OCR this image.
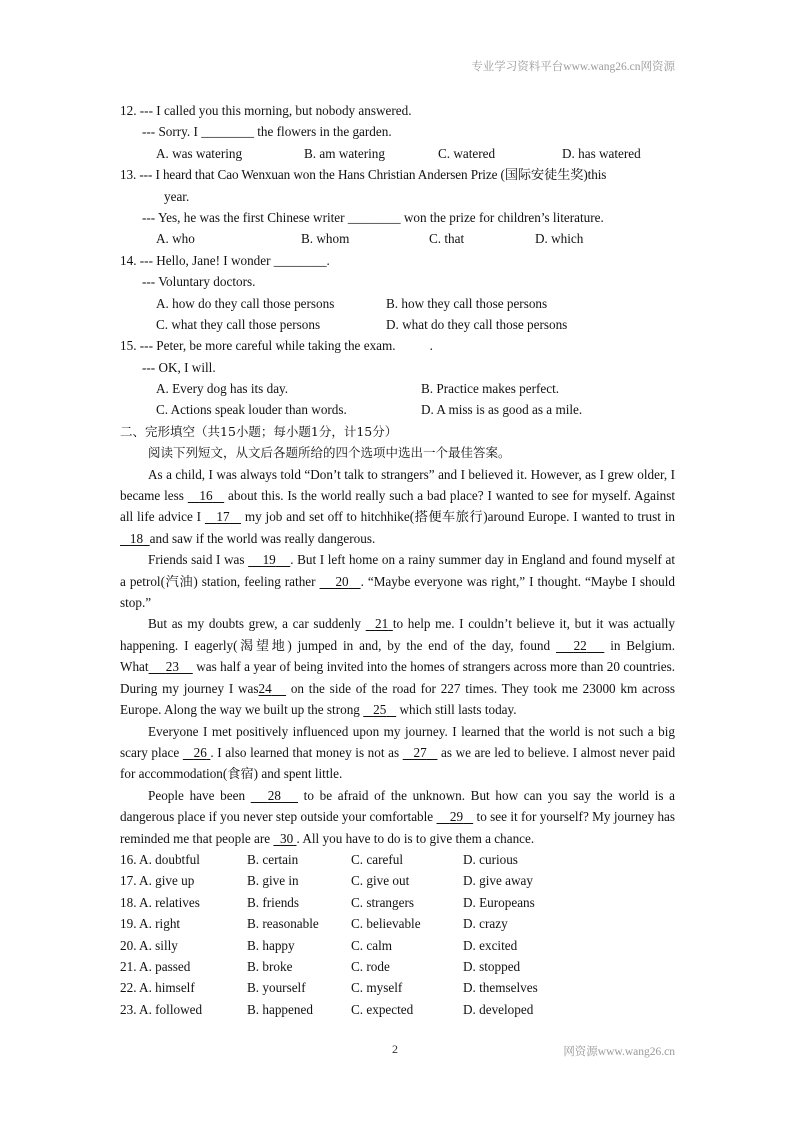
专业学习资料平台www.wang26.cn网资源
12. --- I called you this morning, but nobody answered.
--- Sorry. I ________ the flowers in the garden.
A. was watering	B. am watering	C. watered	D. has watered
13. --- I heard that Cao Wenxuan won the Hans Christian Andersen Prize (国际安徒生奖)this
year.
--- Yes, he was the first Chinese writer ________ won the prize for children’s literature.
A. who	B. whom	C. that	D. which
14. --- Hello, Jane! I wonder ________.
--- Voluntary doctors.
A. how do they call those persons	B. how they call those persons
C. what they call those persons	D. what do they call those persons
15. --- Peter, be more careful while taking the exam.	.
--- OK, I will.
A. Every dog has its day.	B. Practice makes perfect.
C. Actions speak louder than words.	D. A miss is as good as a mile.
二、完形填空（共15小题；每小题1分，计15分）
阅读下列短文，从文后各题所给的四个选项中选出一个最佳答案。
As a child, I was always told “Don’t talk to strangers” and I believed it. However, as I grew older, I became less 16 about this. Is the world really such a bad place? I wanted to see for myself. Against all life advice I 17 my job and set off to hitchhike(搭便车旅行)around Europe. I wanted to trust in    18 and saw if the world was really dangerous.
Friends said I was 19 . But I left home on a rainy summer day in England and found myself at a petrol(汽油) station, feeling rather 20 . “Maybe everyone was right,” I thought. “Maybe I should stop.”
But as my doubts grew, a car suddenly 21 to help me. I couldn’t believe it, but it was actually happening. I eagerly(渴望地) jumped in and, by the end of the day, found 22 in Belgium. What 23 was half a year of being invited into the homes of strangers across more than 20 countries. During my journey I was24 on the side of the road for 227 times. They took me 23000 km across Europe. Along the way we built up the strong 25 which still lasts today.
Everyone I met positively influenced upon my journey. I learned that the world is not such a big scary place 26 . I also learned that money is not as 27 as we are led to believe. I almost never paid for accommodation(食宿) and spent little.
People have been 28 to be afraid of the unknown. But how can you say the world is a dangerous place if you never step outside your comfortable 29 to see it for yourself? My journey has reminded me that people are 30 . All you have to do is to give them a chance.
16. A. doubtful	B. certain	C. careful	D. curious
17. A. give up	B. give in	C. give out	D. give away
18. A. relatives	B. friends	C. strangers	D. Europeans
19. A. right	B. reasonable C. believable	D. crazy
20. A. silly	B. happy	C. calm	D. excited
21. A. passed	B. broke	C. rode	D. stopped
22. A. himself	B. yourself	C. myself	D. themselves
23. A. followed	B. happened	C. expected	D. developed
2	网资源www.wang26.cn
